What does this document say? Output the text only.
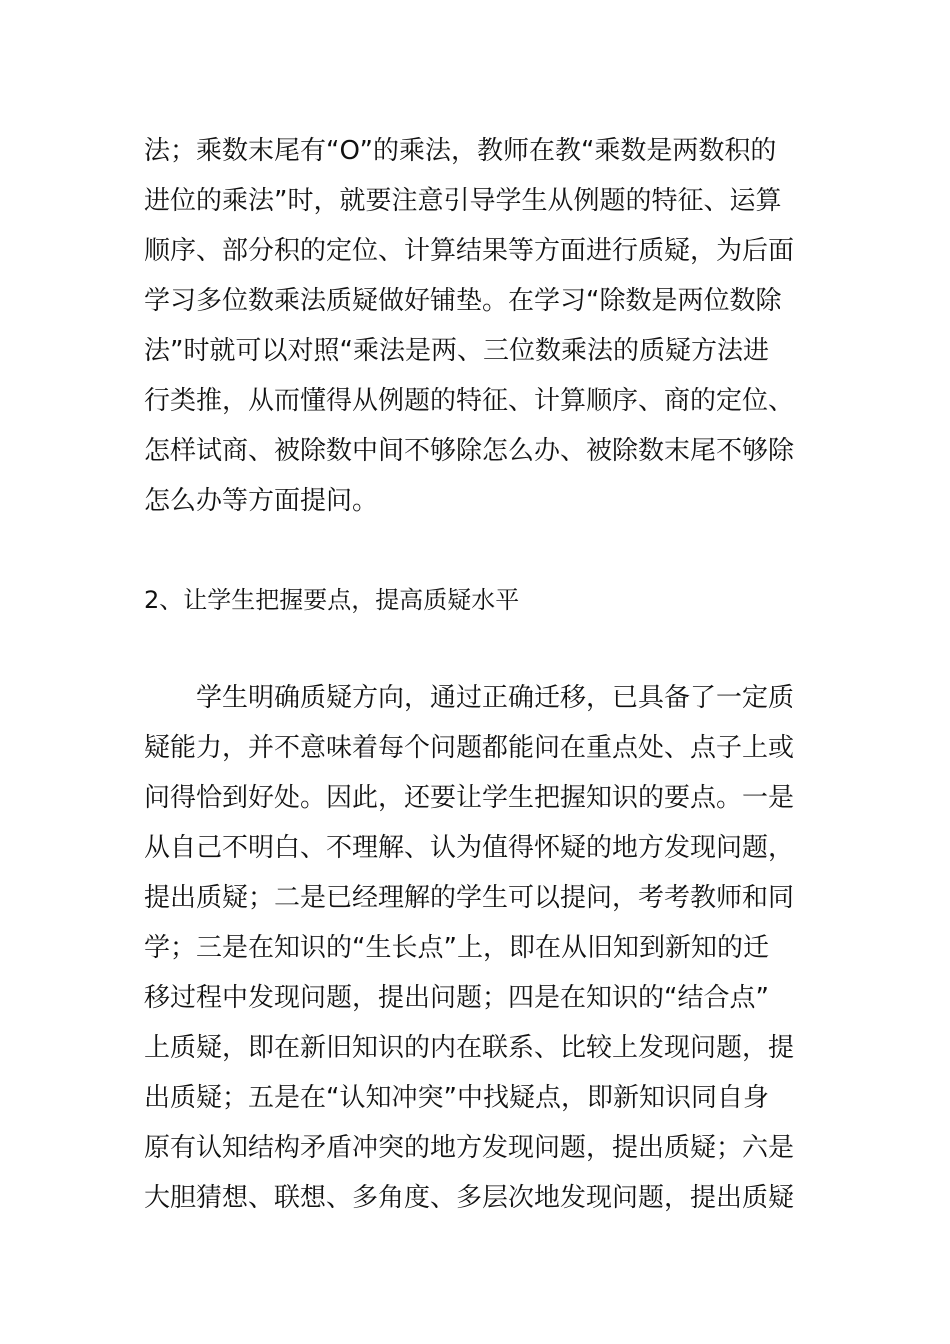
法；乘数末尾有“O”的乘法，教师在教“乘数是两数积的
进位的乘法”时，就要注意引导学生从例题的特征、运算
顺序、部分积的定位、计算结果等方面进行质疑，为后面
学习多位数乘法质疑做好铺垫。在学习“除数是两位数除
法”时就可以对照“乘法是两、三位数乘法的质疑方法进
行类推，从而懂得从例题的特征、计算顺序、商的定位、
怎样试商、被除数中间不够除怎么办、被除数末尾不够除
怎么办等方面提问。
2、让学生把握要点，提高质疑水平
学生明确质疑方向，通过正确迁移，已具备了一定质
疑能力，并不意味着每个问题都能问在重点处、点子上或
问得恰到好处。因此，还要让学生把握知识的要点。一是
从自己不明白、不理解、认为值得怀疑的地方发现问题，
提出质疑；二是已经理解的学生可以提问，考考教师和同
学；三是在知识的“生长点”上，即在从旧知到新知的迁
移过程中发现问题，提出问题；四是在知识的“结合点”
上质疑，即在新旧知识的内在联系、比较上发现问题，提
出质疑；五是在“认知冲突”中找疑点，即新知识同自身
原有认知结构矛盾冲突的地方发现问题，提出质疑；六是
大胆猜想、联想、多角度、多层次地发现问题，提出质疑
